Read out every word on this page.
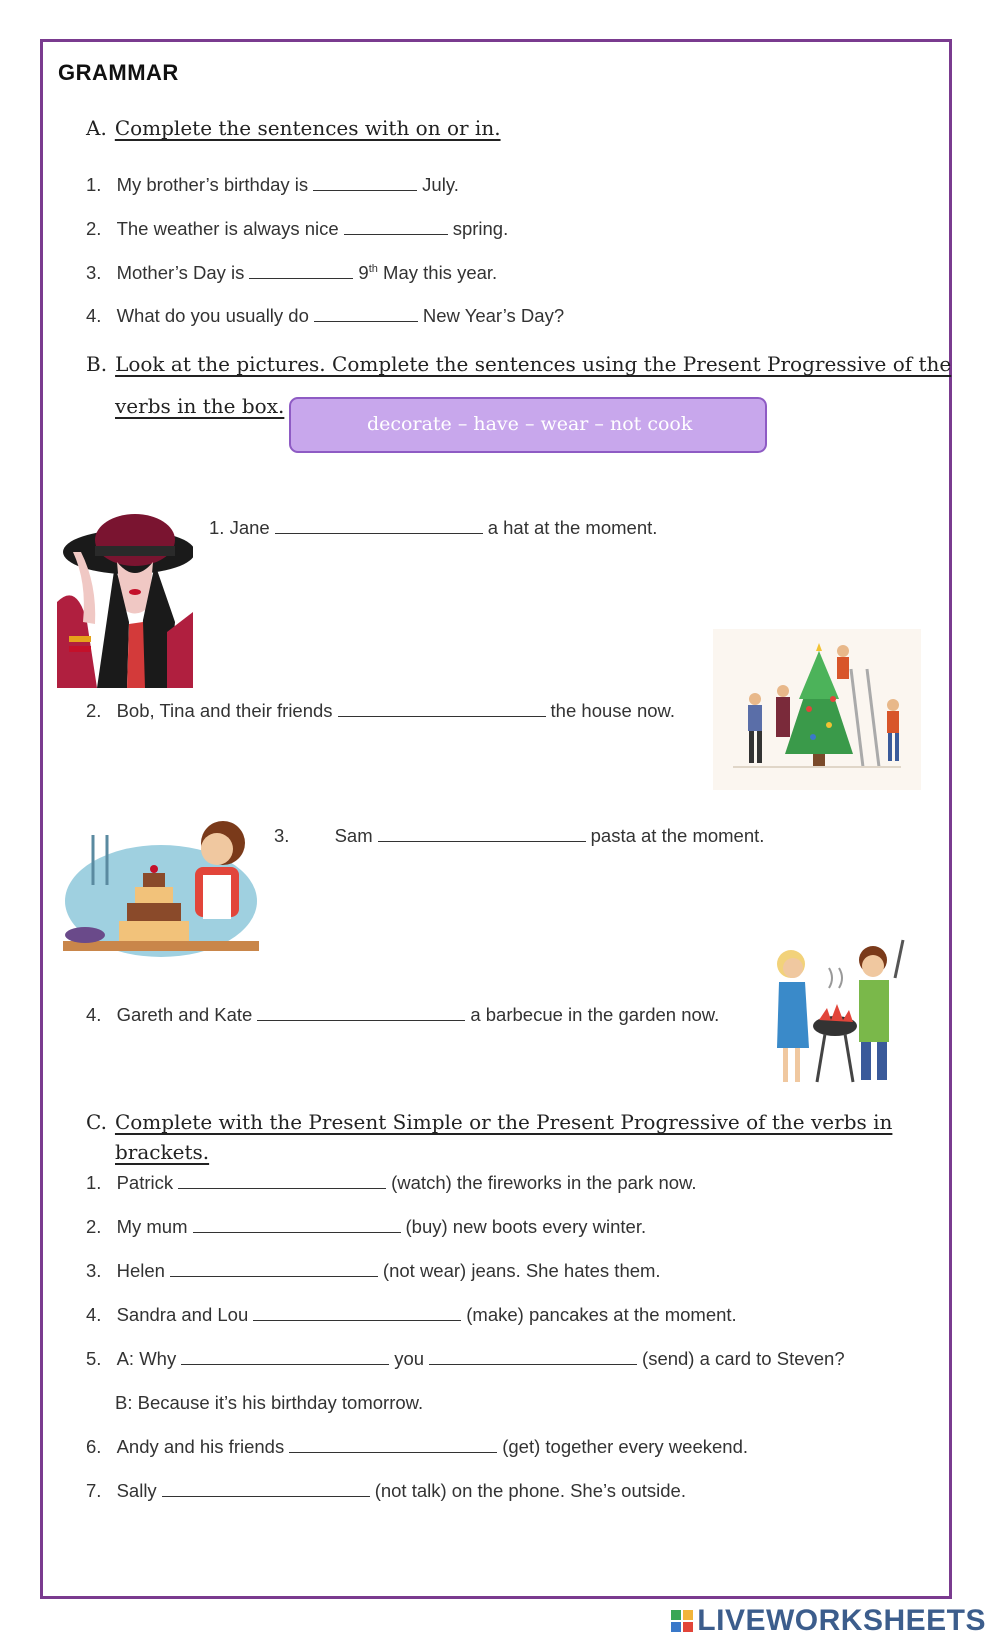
GRAMMAR
A. Complete the sentences with on or in.
1. My brother’s birthday is	July.
2. The weather is always nice	spring.
3. Mother’s Day is	9th May this year.
4. What do you usually do	New Year’s Day?
B. Look at the pictures. Complete the sentences using the Present Progressive of the
verbs in the box.
decorate – have – wear – not cook
1. Jane	a hat at the moment.
2. Bob, Tina and their friends	the house now.
3. Sam	pasta at the moment.
4. Gareth and Kate	a barbecue in the garden now.
C. Complete with the Present Simple or the Present Progressive of the verbs in
brackets.
1. Patrick	(watch) the fireworks in the park now.
2. My mum	(buy) new boots every winter.
3. Helen	(not wear) jeans. She hates them.
4. Sandra and Lou	(make) pancakes at the moment.
5. A: Why	you	(send) a card to Steven?
B: Because it’s his birthday tomorrow.
6. Andy and his friends	(get) together every weekend.
7. Sally	(not talk) on the phone. She’s outside.
LIVEWORKSHEETS
